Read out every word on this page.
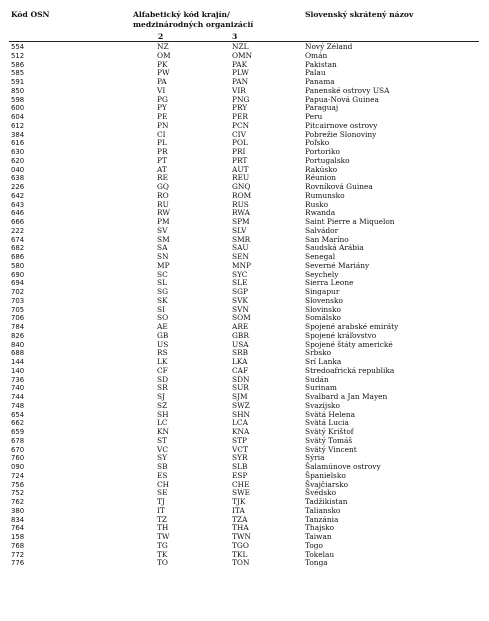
Kód OSN	Alfabetický kód krajín/
medzinárodných organizácií
2	3
Slovenský skrátený názov
554	NZ	NZL	Nový Zéland
512	OM	OMN	Omán
586	PK	PAK	Pakistan
585	PW	PLW	Palau
591	PA	PAN	Panama
850	VI	VIR	Panenské ostrovy USA
598	PG	PNG	Papua-Nová Guinea
600	PY	PRY	Paraguaj
604	PE	PER	Peru
612	PN	PCN	Pitcairnove ostrovy
384	CI	CIV	Pobrežie Slonoviny
616	PL	POL	Poľsko
630	PR	PRI	Portoriko
620	PT	PRT	Portugalsko
040	AT	AUT	Rakúsko
638	RE	REU	Réunion
226	GQ	GNQ	Rovníková Guinea
642	RO	ROM	Rumunsko
643	RU	RUS	Rusko
646	RW	RWA	Rwanda
666	PM	SPM	Saint Pierre a Miquelon
222	SV	SLV	Salvádor
674	SM	SMR	San Maríno
682	SA	SAU	Saudská Arábia
686	SN	SEN	Senegal
580	MP	MNP	Severné Mariány
690	SC	SYC	Seychely
694	SL	SLE	Sierra Leone
702	SG	SGP	Singapur
703	SK	SVK	Slovensko
705	SI	SVN	Slovinsko
706	SO	SOM	Somálsko
784	AE	ARE	Spojené arabské emiráty
826	GB	GBR	Spojené kráľovstvo
840	US	USA	Spojené štáty americké
688	RS	SRB	Srbsko
144	LK	LKA	Srí Lanka
140	CF	CAF	Stredoafrická republika
736	SD	SDN	Sudán
740	SR	SUR	Surinam
744	SJ	SJM	Svalbard a Jan Mayen
748	SZ	SWZ	Svazijsko
654	SH	SHN	Svätá Helena
662	LC	LCA	Svätá Lucia
659	KN	KNA	Svätý Krištof
678	ST	STP	Svätý Tomáš
670	VC	VCT	Svätý Vincent
760	SY	SYR	Sýria
090	SB	SLB	Šalamúnove ostrovy
724	ES	ESP	Španielsko
756	CH	CHE	Švajčiarsko
752	SE	SWE	Švédsko
762	TJ	TJK	Tadžikistan
380	IT	ITA	Taliansko
834	TZ	TZA	Tanzánia
764	TH	THA	Thajsko
158	TW	TWN	Taiwan
768	TG	TGO	Togo
772	TK	TKL	Tokelau
776	TO	TON	Tonga
